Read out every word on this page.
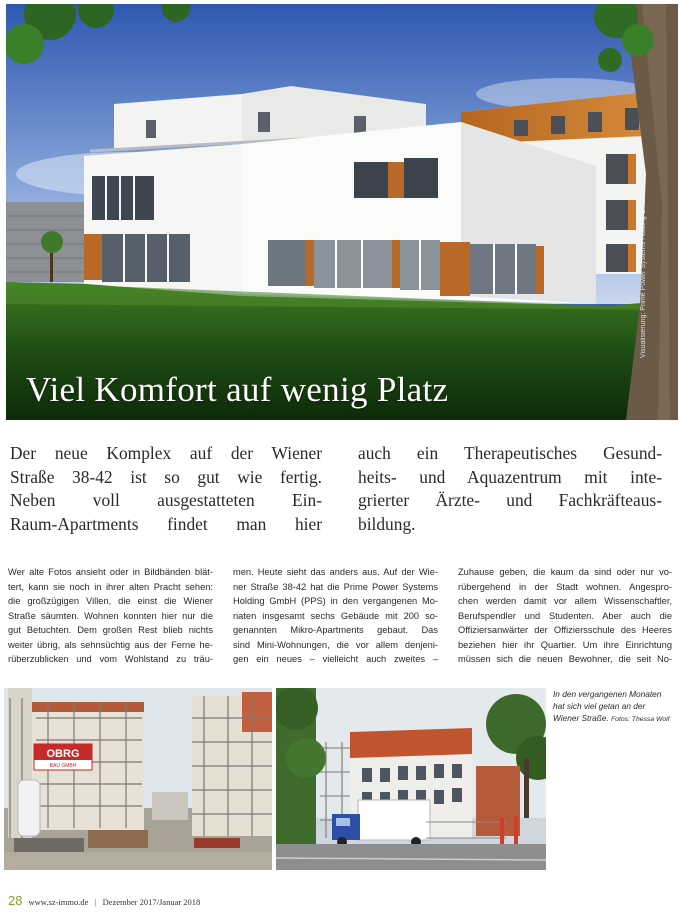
Viel Komfort auf wenig Platz
Visualisierung: Prime Power Systems Holding GmbH
Der neue Komplex auf der Wiener
Straße 38-42 ist so gut wie fertig.
Neben voll ausgestatteten Ein-
Raum-Apartments findet man hier
auch ein Therapeutisches Gesund-
heits- und Aquazentrum mit inte-
grierter Ärzte- und Fachkräfteaus-
bildung.
Wer alte Fotos ansieht oder in Bildbänden blät-
tert, kann sie noch in ihrer alten Pracht sehen:
die großzügigen Villen, die einst die Wiener
Straße säumten. Wohnen konnten hier nur die
gut Betuchten. Dem großen Rest blieb nichts
weiter übrig, als sehnsüchtig aus der Ferne he-
rüberzublicken und vom Wohlstand zu träu-
men. Heute sieht das anders aus. Auf der Wie-
ner Straße 38-42 hat die Prime Power Systems
Holding GmbH (PPS) in den vergangenen Mo-
naten insgesamt sechs Gebäude mit 200 so-
genannten Mikro-Apartments gebaut. Das
sind Mini-Wohnungen, die vor allem denjeni-
gen ein neues – vielleicht auch zweites –
Zuhause geben, die kaum da sind oder nur vo-
rübergehend in der Stadt wohnen. Angespro-
chen werden damit vor allem Wissenschaftler,
Berufspendler und Studenten. Aber auch die
Offiziersanwärter der Offiziersschule des Heeres
beziehen hier ihr Quartier. Um ihre Einrichtung
müssen sich die neuen Bewohner, die seit No-
OBRG
BAU GMBH
In den vergangenen Monaten hat sich viel getan an der Wiener Straße. Fotos: Thessa Wolf
28 www.sz-immo.de | Dezember 2017/Januar 2018
